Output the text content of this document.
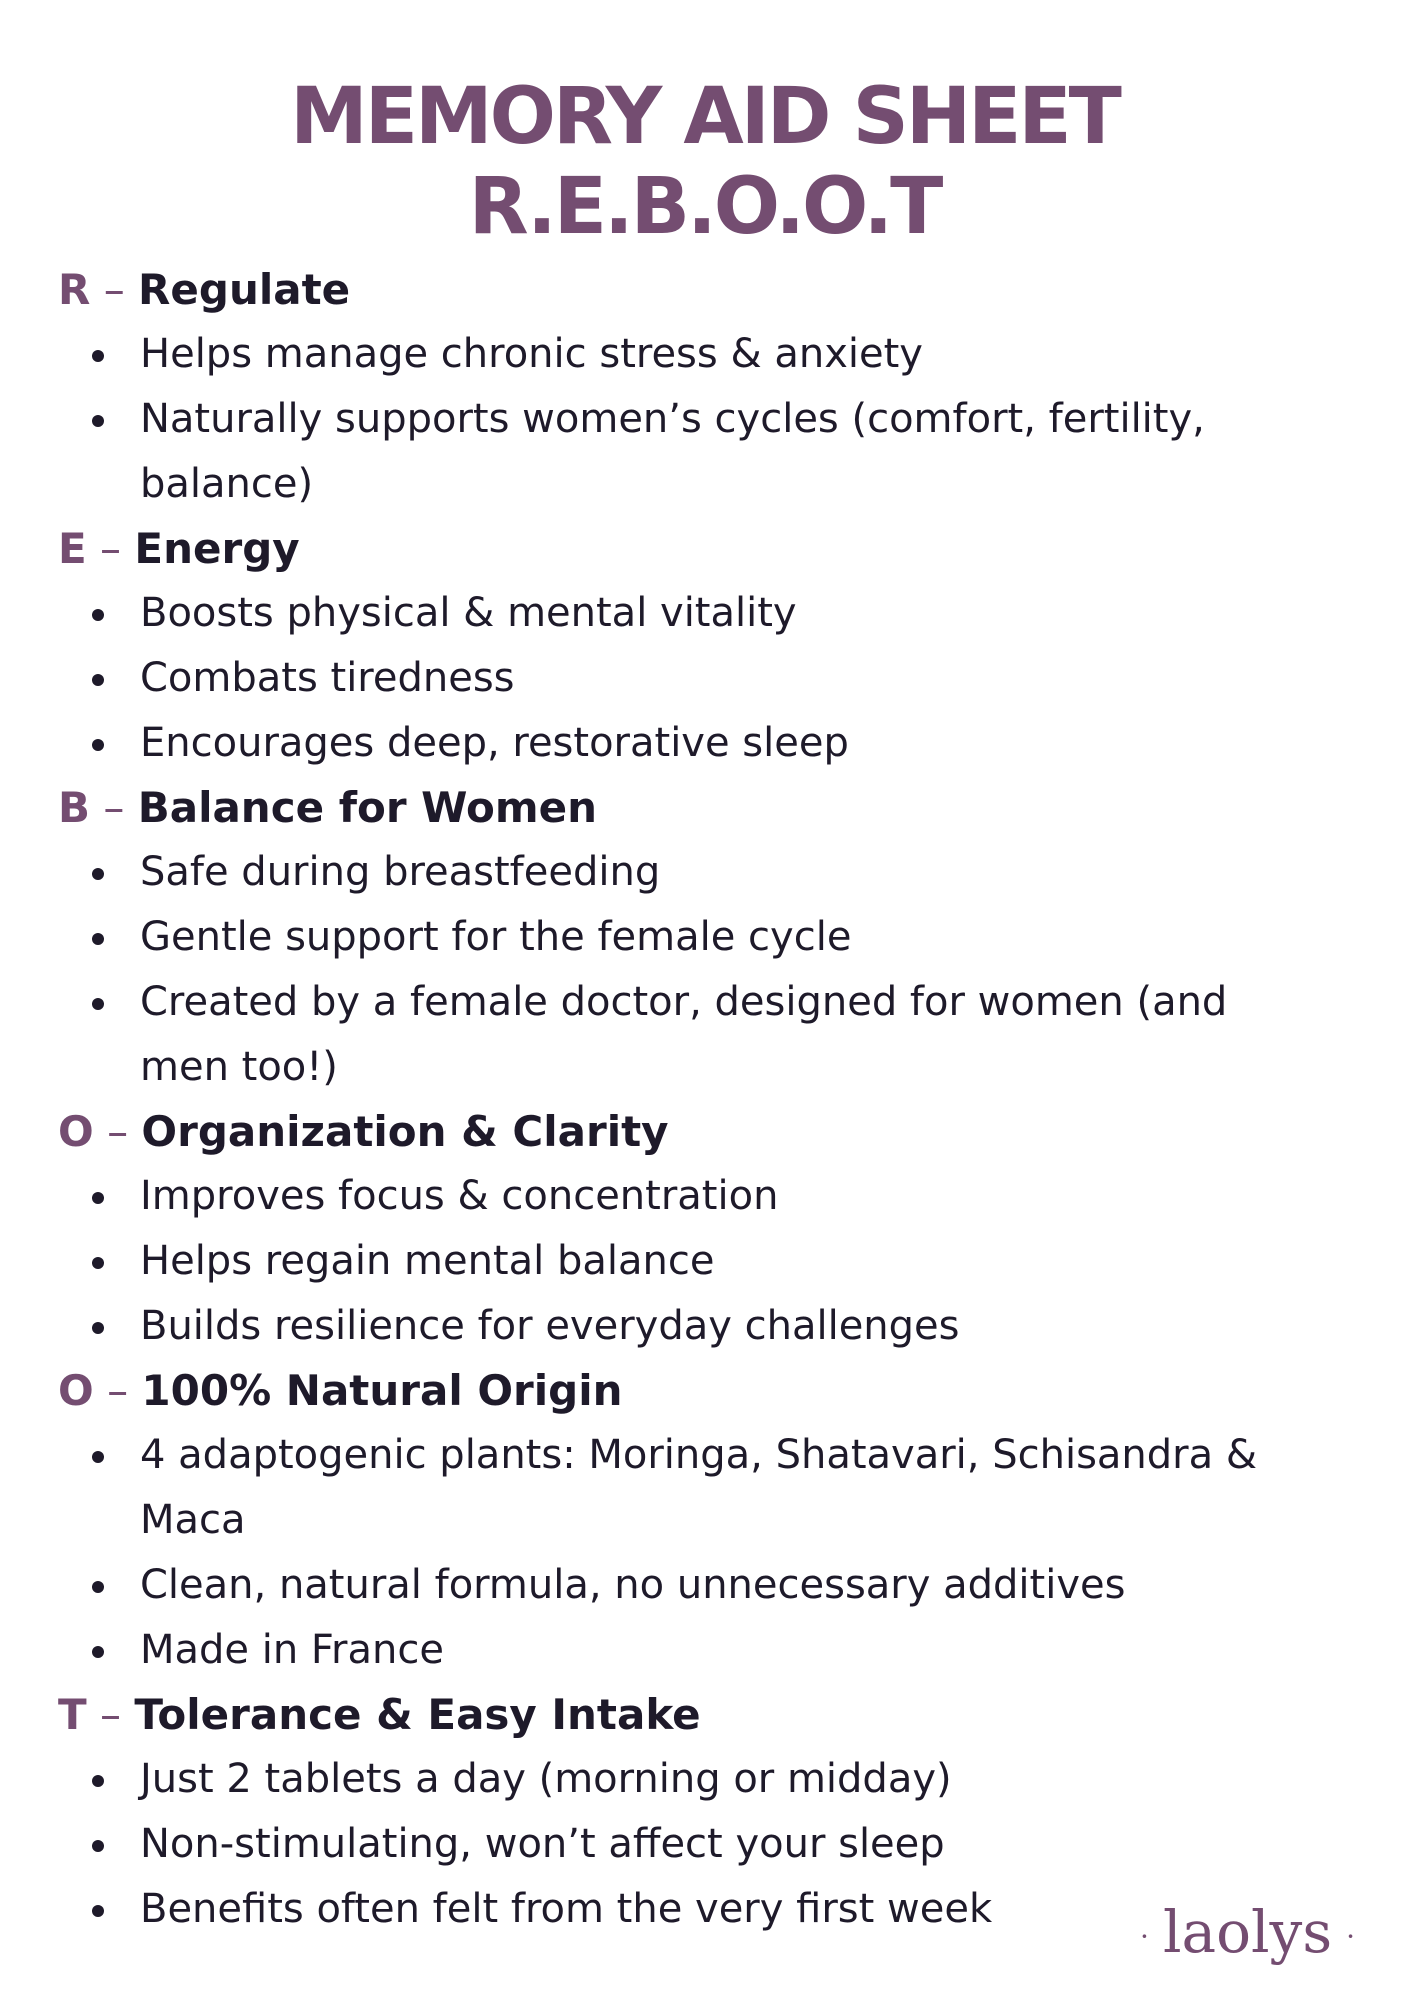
MEMORY AID SHEET
R.E.B.O.O.T
R – Regulate
Helps manage chronic stress & anxiety
Naturally supports women’s cycles (comfort, fertility,
balance)
E – Energy
Boosts physical & mental vitality
Combats tiredness
Encourages deep, restorative sleep
B – Balance for Women
Safe during breastfeeding
Gentle support for the female cycle
Created by a female doctor, designed for women (and
men too!)
O – Organization & Clarity
Improves focus & concentration
Helps regain mental balance
Builds resilience for everyday challenges
O – 100% Natural Origin
4 adaptogenic plants: Moringa, Shatavari, Schisandra &
Maca
Clean, natural formula, no unnecessary additives
Made in France
T – Tolerance & Easy Intake
Just 2 tablets a day (morning or midday)
Non-stimulating, won’t affect your sleep
Benefits often felt from the very first week
· laolys ·
